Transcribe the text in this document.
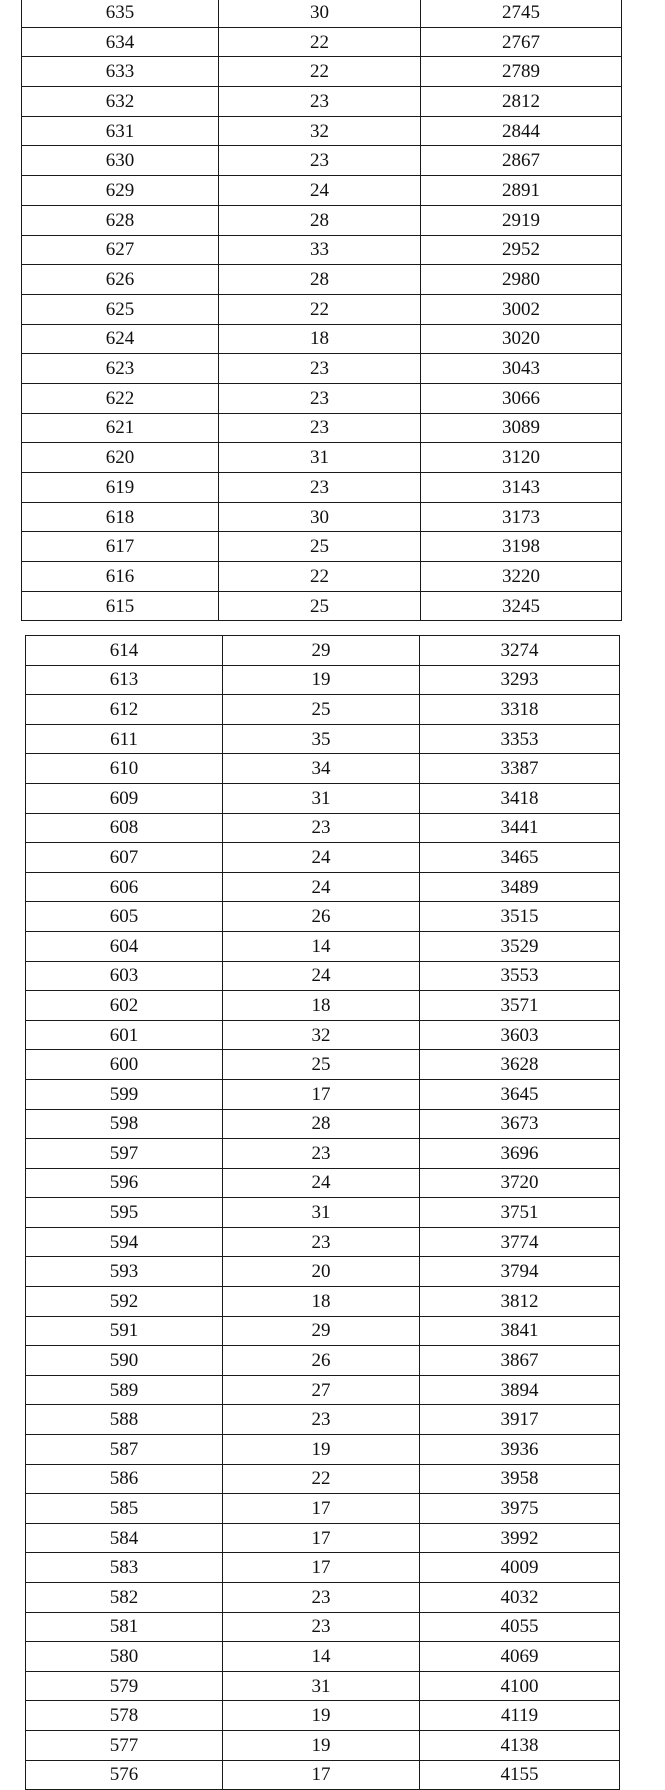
635	30	2745
634	22	2767
633	22	2789
632	23	2812
631	32	2844
630	23	2867
629	24	2891
628	28	2919
627	33	2952
626	28	2980
625	22	3002
624	18	3020
623	23	3043
622	23	3066
621	23	3089
620	31	3120
619	23	3143
618	30	3173
617	25	3198
616	22	3220
615	25	3245
614	29	3274
613	19	3293
612	25	3318
611	35	3353
610	34	3387
609	31	3418
608	23	3441
607	24	3465
606	24	3489
605	26	3515
604	14	3529
603	24	3553
602	18	3571
601	32	3603
600	25	3628
599	17	3645
598	28	3673
597	23	3696
596	24	3720
595	31	3751
594	23	3774
593	20	3794
592	18	3812
591	29	3841
590	26	3867
589	27	3894
588	23	3917
587	19	3936
586	22	3958
585	17	3975
584	17	3992
583	17	4009
582	23	4032
581	23	4055
580	14	4069
579	31	4100
578	19	4119
577	19	4138
576	17	4155
